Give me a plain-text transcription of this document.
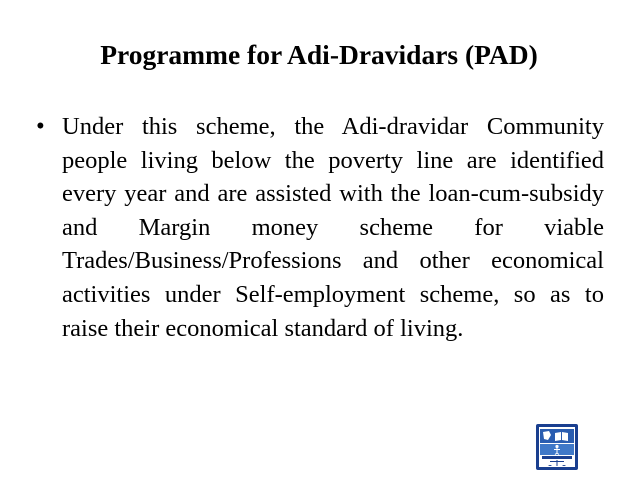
Programme for Adi-Dravidars (PAD)
• Under this scheme, the Adi-dravidar Community people living below the poverty line are identified every year and are assisted with the loan-cum-subsidy and Margin money scheme for viable Trades/Business/Professions and other economical activities under Self-employment scheme, so as to raise their economical standard of living.
